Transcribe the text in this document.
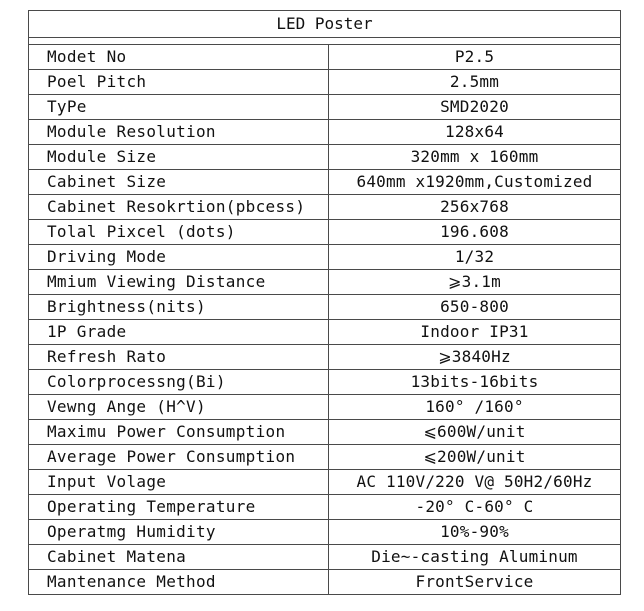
LED Poster	

Modet No	P2.5
Poel Pitch	2.5mm
TyPe	SMD2020
Module Resolution	128x64
Module Size	320mm x 160mm
Cabinet Size	640mm x1920mm,Customized
Cabinet Resokrtion(pbcess)	256x768
Tolal Pixcel (dots)	196.608
Driving Mode	1/32
Mmium Viewing Distance	⩾3.1m
Brightness(nits)	650-800
1P Grade	Indoor IP31
Refresh Rato	⩾3840Hz
Colorprocessng(Bi)	13bits-16bits
Vewng Ange (H^V)	160° /160°
Maximu Power Consumption	⩽600W/unit
Average Power Consumption	⩽200W/unit
Input Volage	AC 110V/220 V@ 50H2/60Hz
Operating Temperature	-20° C-60° C
Operatmg Humidity	10%-90%
Cabinet Matena	Die~-casting Aluminum
Mantenance Method	FrontService
